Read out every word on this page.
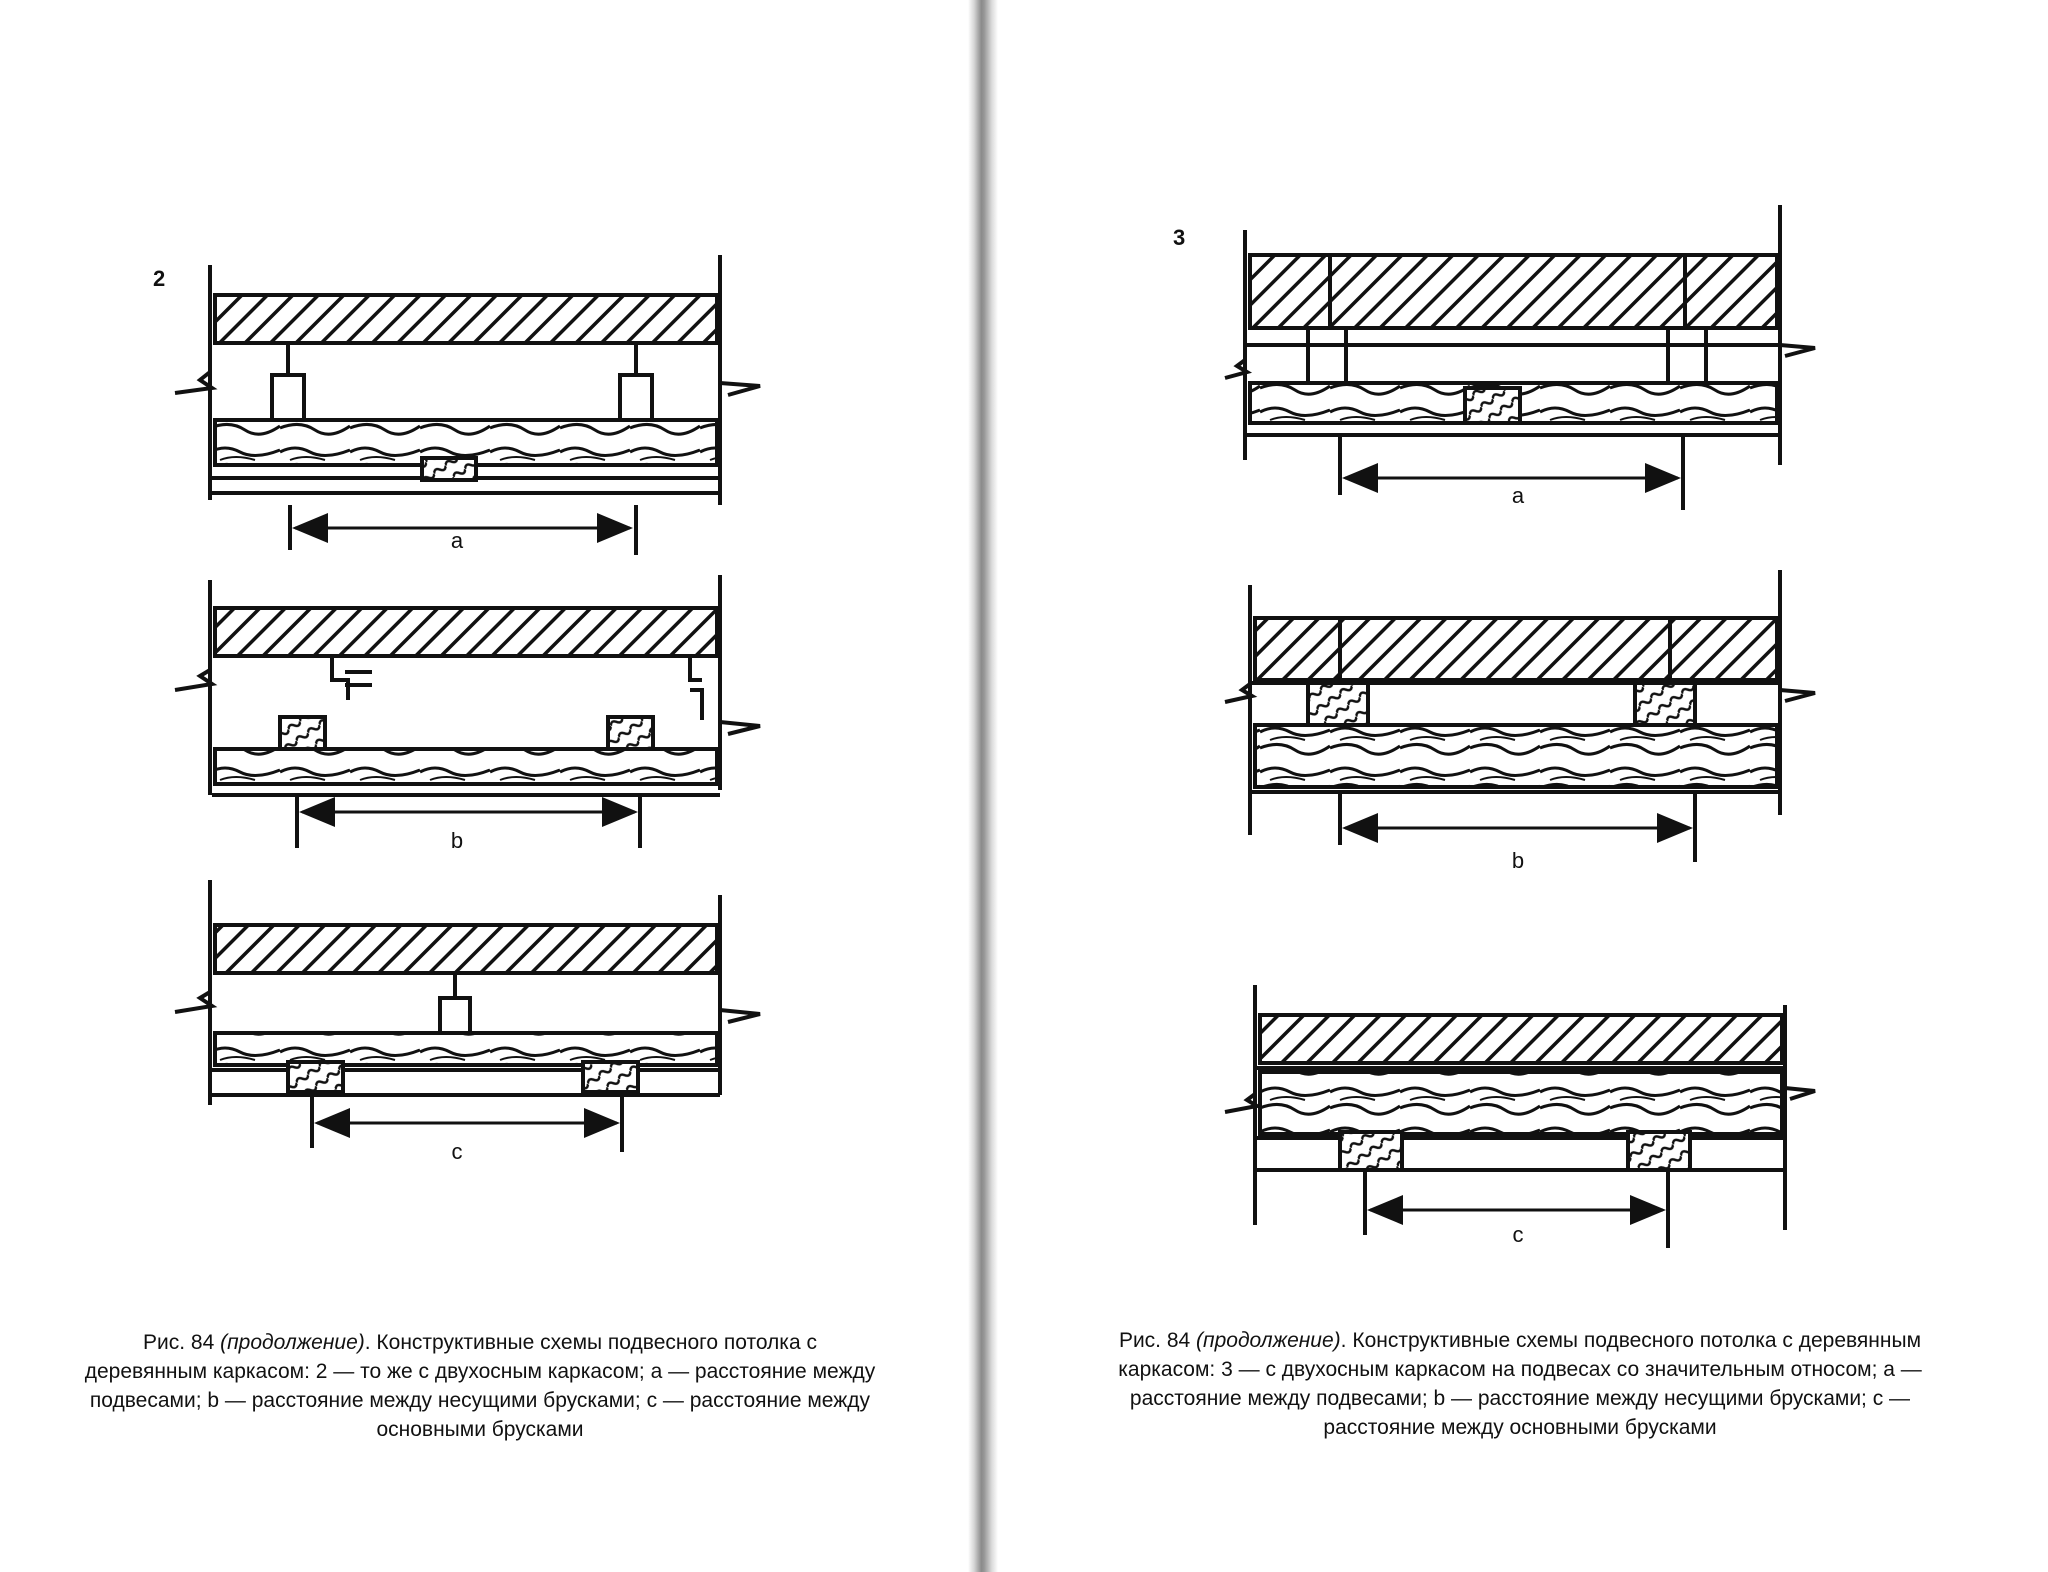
2
3
a
b
c
a
b
c
Рис. 84 (продолжение). Конструктивные схемы подвесного потолка с деревянным каркасом: 2 — то же с двухосным каркасом; a — расстояние между подвесами; b — расстояние между несущими брусками; c — расстояние между основными брусками
Рис. 84 (продолжение). Конструктивные схемы подвесного потолка с деревянным каркасом: 3 — с двухосным каркасом на подвесах со значительным относом; a — расстояние между подвесами; b — расстояние между несущими брусками; c — расстояние между основными брусками
